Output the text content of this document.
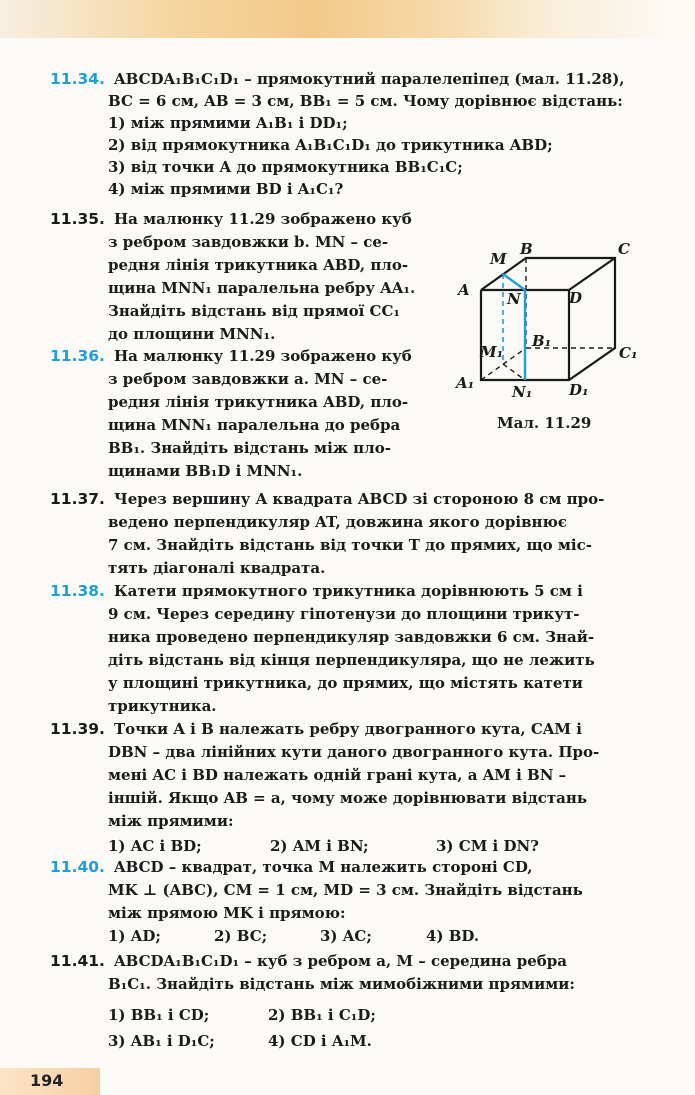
11.34. ABCDA₁B₁C₁D₁ – прямокутний паралелепіпед (мал. 11.28),
BC = 6 см, AB = 3 см, BB₁ = 5 см. Чому дорівнює відстань:
1) між прямими A₁B₁ і DD₁;
2) від прямокутника A₁B₁C₁D₁ до трикутника ABD;
3) від точки A до прямокутника BB₁C₁C;
4) між прямими BD і A₁C₁?
11.35. На малюнку 11.29 зображено куб
з ребром завдовжки b. MN – се-
редня лінія трикутника ABD, пло-
щина MNN₁ паралельна ребру AA₁.
Знайдіть відстань від прямої CC₁
до площини MNN₁.
11.36. На малюнку 11.29 зображено куб
з ребром завдовжки a. MN – се-
редня лінія трикутника ABD, пло-
щина MNN₁ паралельна до ребра
BB₁. Знайдіть відстань між пло-
щинами BB₁D і MNN₁.
A
B	C
D
M
N
B₁
C₁
D₁
A₁
M₁
N₁
Мал. 11.29
11.37. Через вершину A квадрата ABCD зі стороною 8 см про-
ведено перпендикуляр AT, довжина якого дорівнює
7 см. Знайдіть відстань від точки T до прямих, що міс-
тять діагоналі квадрата.
11.38. Катети прямокутного трикутника дорівнюють 5 см і
9 см. Через середину гіпотенузи до площини трикут-
ника проведено перпендикуляр завдовжки 6 см. Знай-
діть відстань від кінця перпендикуляра, що не лежить
у площині трикутника, до прямих, що містять катети
трикутника.
11.39. Точки A і B належать ребру двогранного кута, CAM і
DBN – два лінійних кути даного двогранного кута. Про-
мені AC і BD належать одній грані кута, а AM і BN –
іншій. Якщо AB = a, чому може дорівнювати відстань
між прямими:
1) AC і BD;	2) AM і BN;	3) CM і DN?
11.40. ABCD – квадрат, точка M належить стороні CD,
MK ⊥ (ABC), CM = 1 см, MD = 3 см. Знайдіть відстань
між прямою MK і прямою:
1) AD;	2) BC;	3) AC;	4) BD.
11.41. ABCDA₁B₁C₁D₁ – куб з ребром a, M – середина ребра
B₁C₁. Знайдіть відстань між мимобіжними прямими:
1) BB₁ і CD;	2) BB₁ і C₁D;
3) AB₁ і D₁C;	4) CD і A₁M.
194
